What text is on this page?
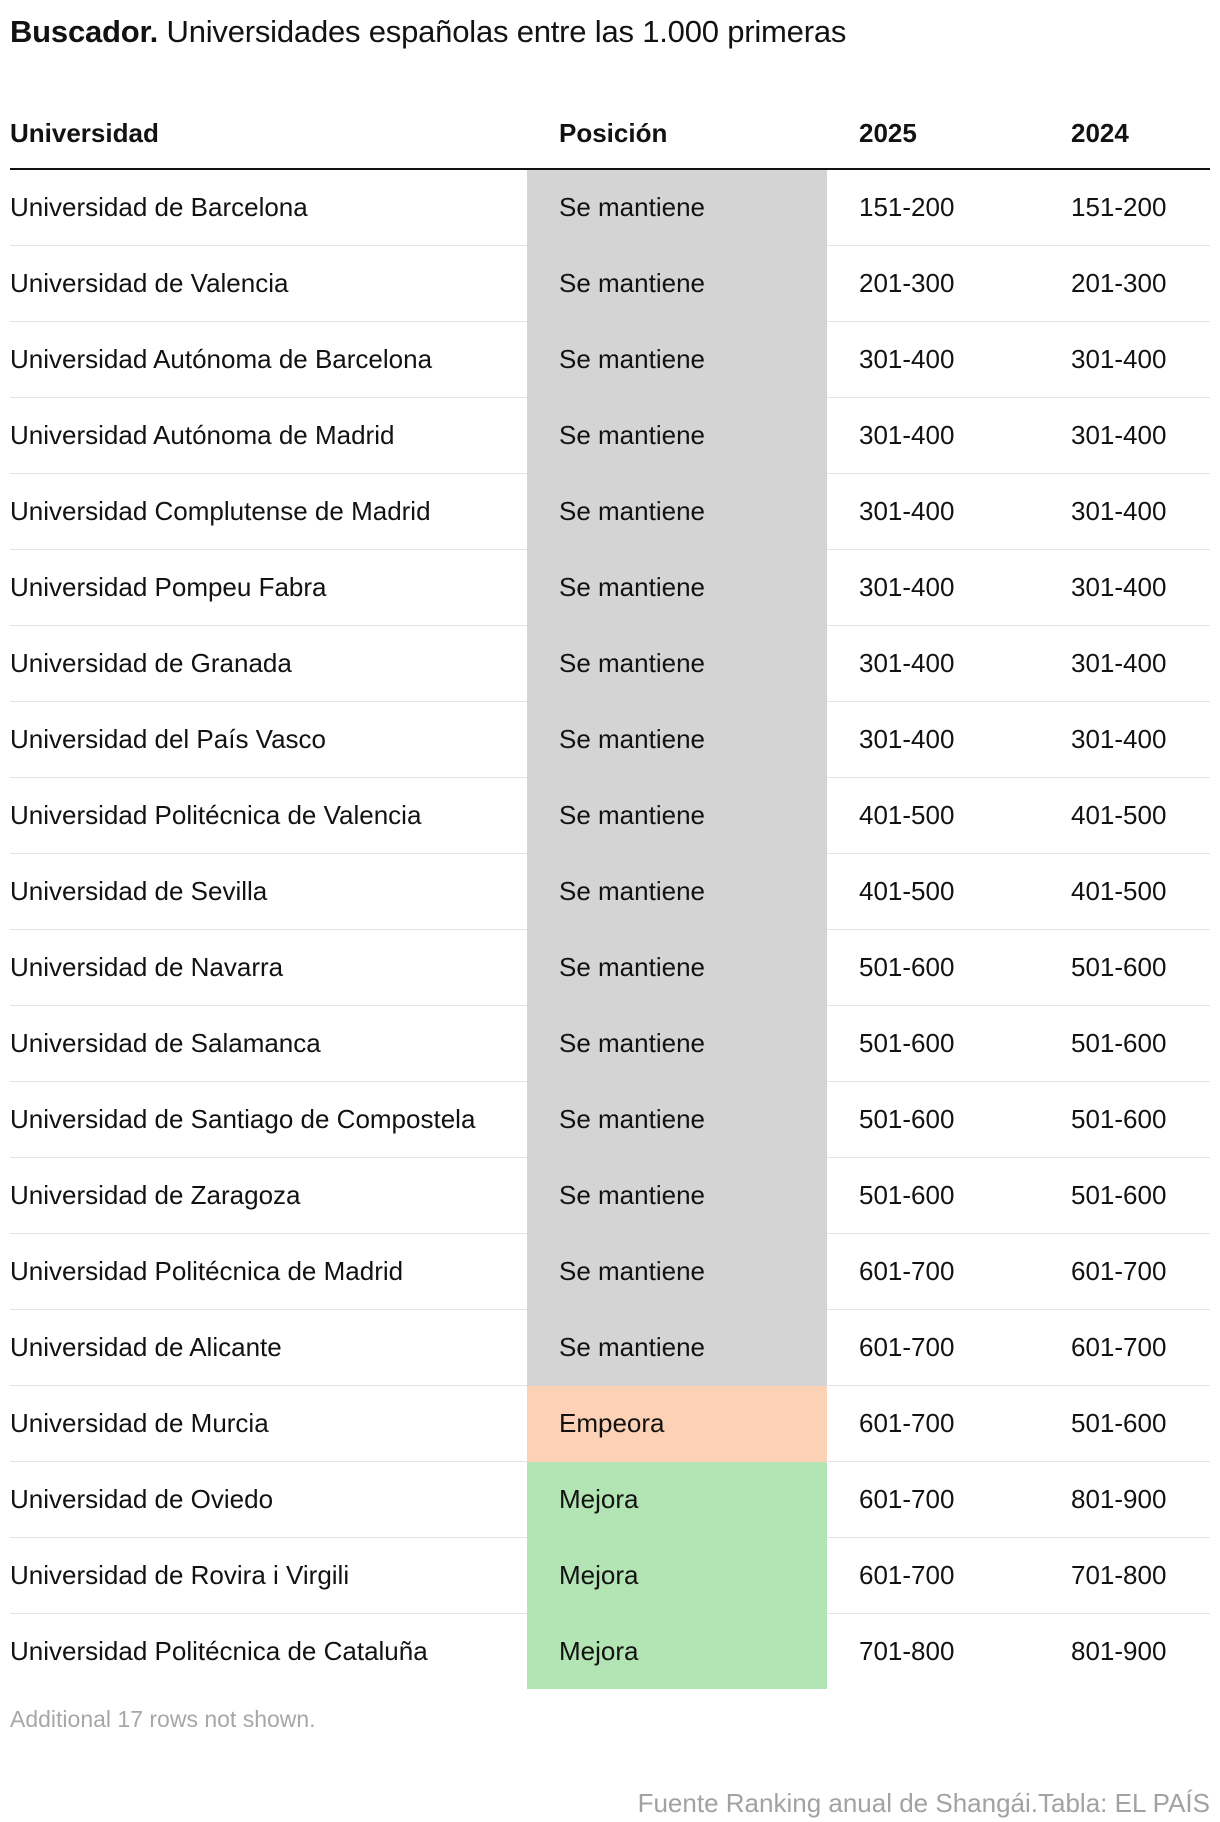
Buscador. Universidades españolas entre las 1.000 primeras
Universidad	Posición	2025	2024
Universidad de Barcelona	Se mantiene	151-200	151-200
Universidad de Valencia	Se mantiene	201-300	201-300
Universidad Autónoma de Barcelona	Se mantiene	301-400	301-400
Universidad Autónoma de Madrid	Se mantiene	301-400	301-400
Universidad Complutense de Madrid	Se mantiene	301-400	301-400
Universidad Pompeu Fabra	Se mantiene	301-400	301-400
Universidad de Granada	Se mantiene	301-400	301-400
Universidad del País Vasco	Se mantiene	301-400	301-400
Universidad Politécnica de Valencia	Se mantiene	401-500	401-500
Universidad de Sevilla	Se mantiene	401-500	401-500
Universidad de Navarra	Se mantiene	501-600	501-600
Universidad de Salamanca	Se mantiene	501-600	501-600
Universidad de Santiago de Compostela	Se mantiene	501-600	501-600
Universidad de Zaragoza	Se mantiene	501-600	501-600
Universidad Politécnica de Madrid	Se mantiene	601-700	601-700
Universidad de Alicante	Se mantiene	601-700	601-700
Universidad de Murcia	Empeora	601-700	501-600
Universidad de Oviedo	Mejora	601-700	801-900
Universidad de Rovira i Virgili	Mejora	601-700	701-800
Universidad Politécnica de Cataluña	Mejora	701-800	801-900
Additional 17 rows not shown.
Fuente Ranking anual de Shangái.Tabla: EL PAÍS
